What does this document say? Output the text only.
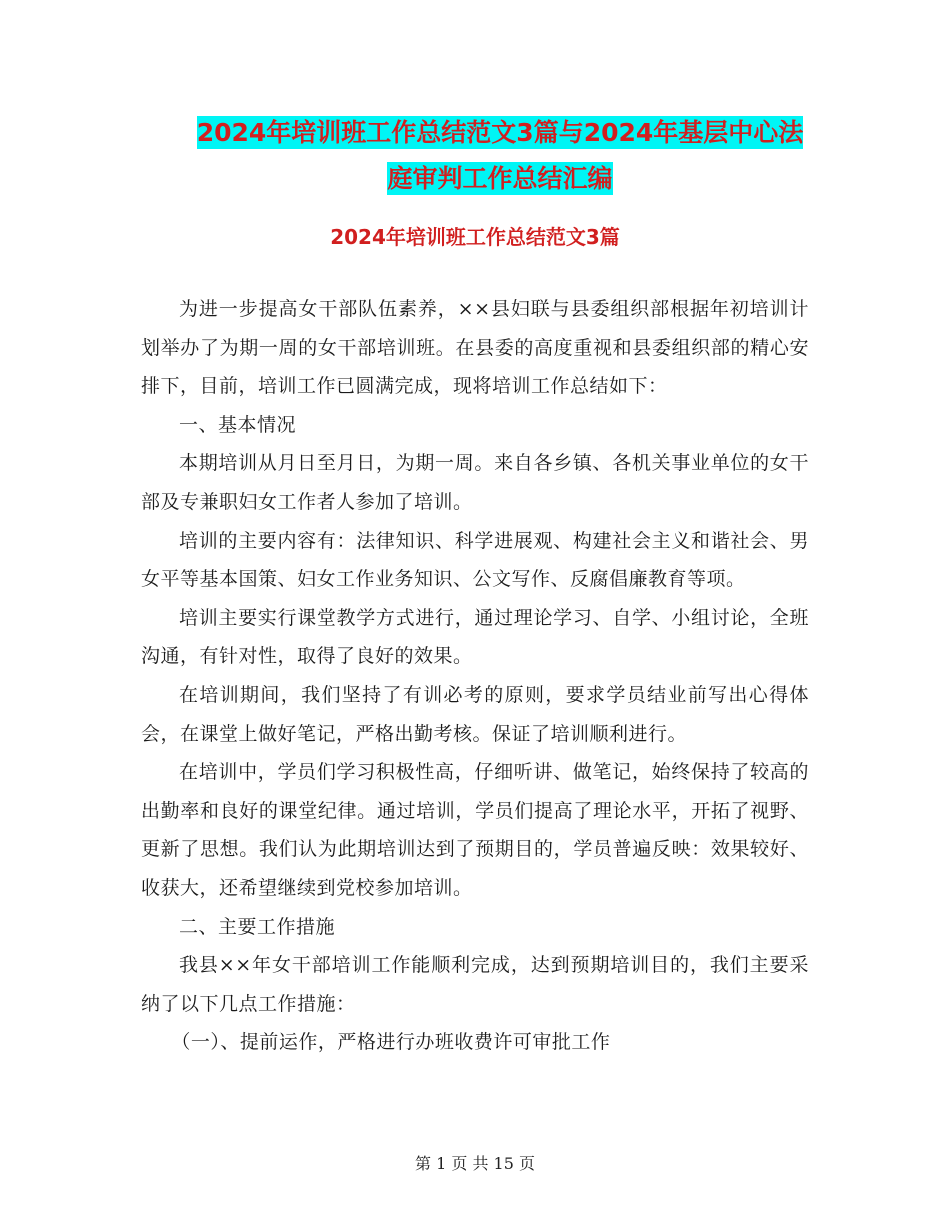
2024年培训班工作总结范文3篇与2024年基层中心法
庭审判工作总结汇编
2024年培训班工作总结范文3篇

为进一步提高女干部队伍素养，××县妇联与县委组织部根据年初培训计划举办了为期一周的女干部培训班。在县委的高度重视和县委组织部的精心安排下，目前，培训工作已圆满完成，现将培训工作总结如下：

一、基本情况

本期培训从月日至月日，为期一周。来自各乡镇、各机关事业单位的女干部及专兼职妇女工作者人参加了培训。

培训的主要内容有：法律知识、科学进展观、构建社会主义和谐社会、男女平等基本国策、妇女工作业务知识、公文写作、反腐倡廉教育等项。

培训主要实行课堂教学方式进行，通过理论学习、自学、小组讨论，全班沟通，有针对性，取得了良好的效果。

在培训期间，我们坚持了有训必考的原则，要求学员结业前写出心得体会，在课堂上做好笔记，严格出勤考核。保证了培训顺利进行。

在培训中，学员们学习积极性高，仔细听讲、做笔记，始终保持了较高的出勤率和良好的课堂纪律。通过培训，学员们提高了理论水平，开拓了视野、更新了思想。我们认为此期培训达到了预期目的，学员普遍反映：效果较好、收获大，还希望继续到党校参加培训。

二、主要工作措施

我县××年女干部培训工作能顺利完成，达到预期培训目的，我们主要采纳了以下几点工作措施：

（一）、提前运作，严格进行办班收费许可审批工作

第 1 页 共 15 页
